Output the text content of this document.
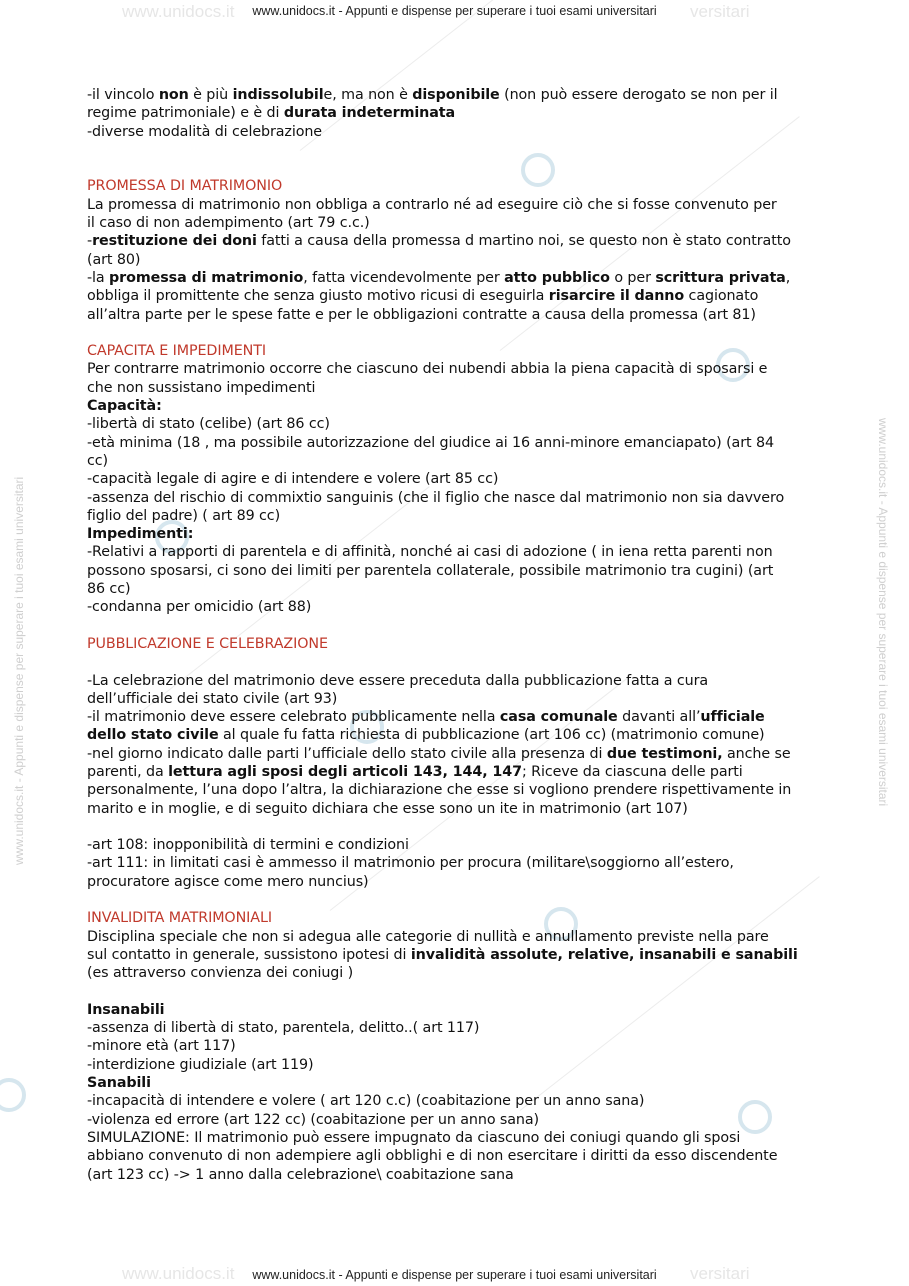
www.unidocs.it	versitari
www.unidocs.it	versitari
www.unidocs.it - Appunti e dispense per superare i tuoi esami universitari	www.unidocs.it - Appunti e dispense per superare i tuoi esami universitari
www.unidocs.it - Appunti e dispense per superare i tuoi esami universitari
www.unidocs.it - Appunti e dispense per superare i tuoi esami universitari

-il vincolo non è più indissolubile, ma non è disponibile (non può essere derogato se non per il

regime patrimoniale) e è di durata indeterminata

-diverse modalità di celebrazione

PROMESSA DI MATRIMONIO

La promessa di matrimonio non obbliga a contrarlo né ad eseguire ciò che si fosse convenuto per

il caso di non adempimento (art 79 c.c.)

-restituzione dei doni fatti a causa della promessa d martino noi, se questo non è stato contratto

(art 80)

-la promessa di matrimonio, fatta vicendevolmente per atto pubblico o per scrittura privata,

obbliga il promittente che senza giusto motivo ricusi di eseguirla risarcire il danno cagionato

all’altra parte per le spese fatte e per le obbligazioni contratte a causa della promessa (art 81)

CAPACITA E IMPEDIMENTI

Per contrarre matrimonio occorre che ciascuno dei nubendi abbia la piena capacità di sposarsi e

che non sussistano impedimenti

Capacità:

-libertà di stato (celibe) (art 86 cc)

-età minima (18 , ma possibile autorizzazione del giudice ai 16 anni-minore emanciapato) (art 84

cc)

-capacità legale di agire e di intendere e volere (art 85 cc)

-assenza del rischio di commixtio sanguinis (che il figlio che nasce dal matrimonio non sia davvero

figlio del padre) ( art 89 cc)

Impedimenti:

-Relativi a rapporti di parentela e di affinità, nonché ai casi di adozione ( in iena retta parenti non

possono sposarsi, ci sono dei limiti per parentela collaterale, possibile matrimonio tra cugini) (art

86 cc)

-condanna per omicidio (art 88)

PUBBLICAZIONE E CELEBRAZIONE

-La celebrazione del matrimonio deve essere preceduta dalla pubblicazione fatta a cura

dell’ufficiale dei stato civile (art 93)

-il matrimonio deve essere celebrato pubblicamente nella casa comunale davanti all’ufficiale

dello stato civile al quale fu fatta richiesta di pubblicazione (art 106 cc) (matrimonio comune)

-nel giorno indicato dalle parti l’ufficiale dello stato civile alla presenza di due testimoni, anche se

parenti, da lettura agli sposi degli articoli 143, 144, 147; Riceve da ciascuna delle parti

personalmente, l’una dopo l’altra, la dichiarazione che esse si vogliono prendere rispettivamente in

marito e in moglie, e di seguito dichiara che esse sono un ite in matrimonio (art 107)

-art 108: inopponibilità di termini e condizioni

-art 111: in limitati casi è ammesso il matrimonio per procura (militare\soggiorno all’estero,

procuratore agisce come mero nuncius)

INVALIDITA MATRIMONIALI

Disciplina speciale che non si adegua alle categorie di nullità e annullamento previste nella pare

sul contatto in generale, sussistono ipotesi di invalidità assolute, relative, insanabili e sanabili

(es attraverso convienza dei coniugi )

Insanabili

-assenza di libertà di stato, parentela, delitto..( art 117)

-minore età (art 117)

-interdizione giudiziale (art 119)

Sanabili

-incapacità di intendere e volere ( art 120 c.c) (coabitazione per un anno sana)

-violenza ed errore (art 122 cc) (coabitazione per un anno sana)

SIMULAZIONE: Il matrimonio può essere impugnato da ciascuno dei coniugi quando gli sposi

abbiano convenuto di non adempiere agli obblighi e di non esercitare i diritti da esso discendente

(art 123 cc) -> 1 anno dalla celebrazione\ coabitazione sana
